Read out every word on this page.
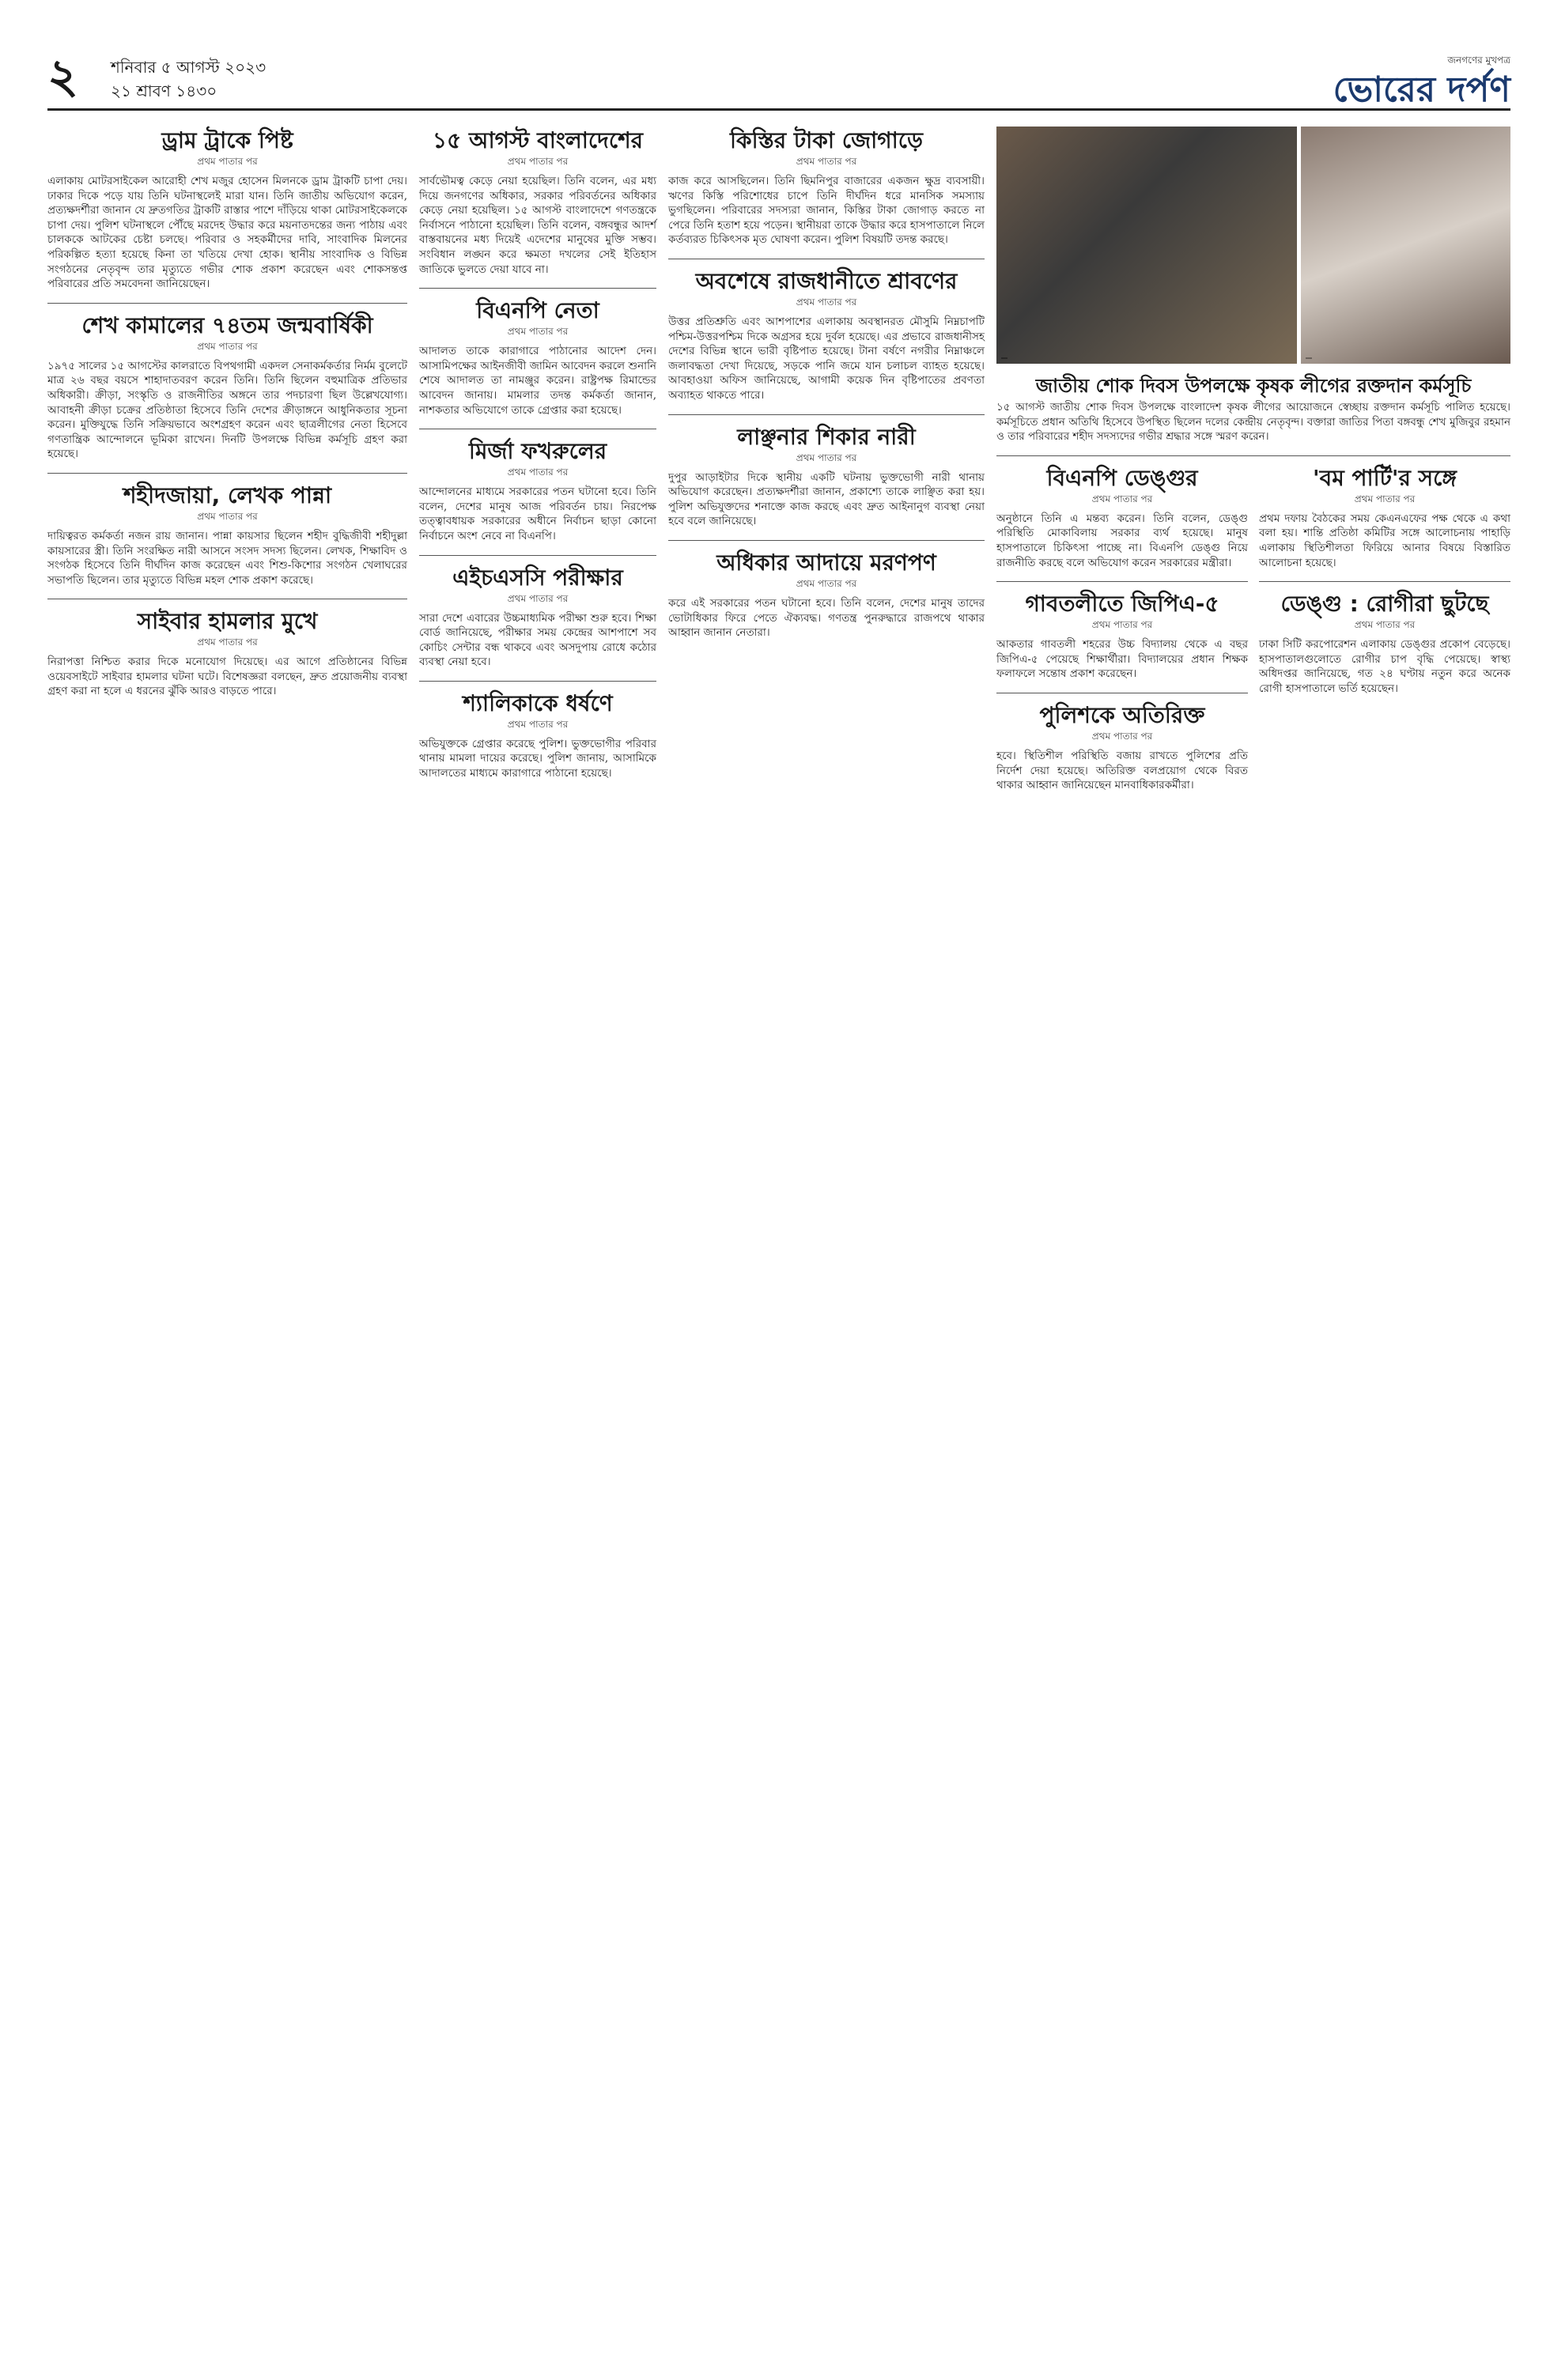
২ শনিবার ৫ আগস্ট ২০২৩
২১ শ্রাবণ ১৪৩০
জনগণের মুখপত্র
ভোরের দর্পণ
ড্রাম ট্রাকে পিষ্ট
প্রথম পাতার পর
এলাকায় মোটরসাইকেল আরোহী শেখ মজুর হোসেন মিলনকে ড্রাম ট্রাকটি চাপা দেয়। ঢাকার দিকে পড়ে যায় তিনি ঘটনাস্থলেই মারা যান। তিনি জাতীয় অভিযোগ করেন, প্রত্যক্ষদর্শীরা জানান যে দ্রুতগতির ট্রাকটি রাস্তার পাশে দাঁড়িয়ে থাকা মোটরসাইকেলকে চাপা দেয়। পুলিশ ঘটনাস্থলে পৌঁছে মরদেহ উদ্ধার করে ময়নাতদন্তের জন্য পাঠায় এবং চালককে আটকের চেষ্টা চলছে। পরিবার ও সহকর্মীদের দাবি, সাংবাদিক মিলনের পরিকল্পিত হত্যা হয়েছে কিনা তা খতিয়ে দেখা হোক। স্থানীয় সাংবাদিক ও বিভিন্ন সংগঠনের নেতৃবৃন্দ তার মৃত্যুতে গভীর শোক প্রকাশ করেছেন এবং শোকসন্তপ্ত পরিবারের প্রতি সমবেদনা জানিয়েছেন।
শেখ কামালের ৭৪তম জন্মবার্ষিকী
প্রথম পাতার পর
১৯৭৫ সালের ১৫ আগস্টের কালরাতে বিপথগামী একদল সেনাকর্মকর্তার নির্মম বুলেটে মাত্র ২৬ বছর বয়সে শাহাদাতবরণ করেন তিনি। তিনি ছিলেন বহুমাত্রিক প্রতিভার অধিকারী। ক্রীড়া, সংস্কৃতি ও রাজনীতির অঙ্গনে তার পদচারণা ছিল উল্লেখযোগ্য। আবাহনী ক্রীড়া চক্রের প্রতিষ্ঠাতা হিসেবে তিনি দেশের ক্রীড়াঙ্গনে আধুনিকতার সূচনা করেন। মুক্তিযুদ্ধে তিনি সক্রিয়ভাবে অংশগ্রহণ করেন এবং ছাত্রলীগের নেতা হিসেবে গণতান্ত্রিক আন্দোলনে ভূমিকা রাখেন। দিনটি উপলক্ষে বিভিন্ন কর্মসূচি গ্রহণ করা হয়েছে।
শহীদজায়া, লেখক পান্না
প্রথম পাতার পর
দায়িত্বরত কর্মকর্তা নজন রায় জানান। পান্না কায়সার ছিলেন শহীদ বুদ্ধিজীবী শহীদুল্লা কায়সারের স্ত্রী। তিনি সংরক্ষিত নারী আসনে সংসদ সদস্য ছিলেন। লেখক, শিক্ষাবিদ ও সংগঠক হিসেবে তিনি দীর্ঘদিন কাজ করেছেন এবং শিশু-কিশোর সংগঠন খেলাঘরের সভাপতি ছিলেন। তার মৃত্যুতে বিভিন্ন মহল শোক প্রকাশ করেছে।
সাইবার হামলার মুখে
প্রথম পাতার পর
নিরাপত্তা নিশ্চিত করার দিকে মনোযোগ দিয়েছে। এর আগে প্রতিষ্ঠানের বিভিন্ন ওয়েবসাইটে সাইবার হামলার ঘটনা ঘটে। বিশেষজ্ঞরা বলছেন, দ্রুত প্রয়োজনীয় ব্যবস্থা গ্রহণ করা না হলে এ ধরনের ঝুঁকি আরও বাড়তে পারে।
১৫ আগস্ট বাংলাদেশের
প্রথম পাতার পর
সার্বভৌমত্ব কেড়ে নেয়া হয়েছিল। তিনি বলেন, এর মধ্য দিয়ে জনগণের অধিকার, সরকার পরিবর্তনের অধিকার কেড়ে নেয়া হয়েছিল। ১৫ আগস্ট বাংলাদেশে গণতন্ত্রকে নির্বাসনে পাঠানো হয়েছিল। তিনি বলেন, বঙ্গবন্ধুর আদর্শ বাস্তবায়নের মধ্য দিয়েই এদেশের মানুষের মুক্তি সম্ভব। সংবিধান লঙ্ঘন করে ক্ষমতা দখলের সেই ইতিহাস জাতিকে ভুলতে দেয়া যাবে না।
বিএনপি নেতা
প্রথম পাতার পর
আদালত তাকে কারাগারে পাঠানোর আদেশ দেন। আসামিপক্ষের আইনজীবী জামিন আবেদন করলে শুনানি শেষে আদালত তা নামঞ্জুর করেন। রাষ্ট্রপক্ষ রিমান্ডের আবেদন জানায়। মামলার তদন্ত কর্মকর্তা জানান, নাশকতার অভিযোগে তাকে গ্রেপ্তার করা হয়েছে।
মির্জা ফখরুলের
প্রথম পাতার পর
আন্দোলনের মাধ্যমে সরকারের পতন ঘটানো হবে। তিনি বলেন, দেশের মানুষ আজ পরিবর্তন চায়। নিরপেক্ষ তত্ত্বাবধায়ক সরকারের অধীনে নির্বাচন ছাড়া কোনো নির্বাচনে অংশ নেবে না বিএনপি।
এইচএসসি পরীক্ষার
প্রথম পাতার পর
সারা দেশে এবারের উচ্চমাধ্যমিক পরীক্ষা শুরু হবে। শিক্ষা বোর্ড জানিয়েছে, পরীক্ষার সময় কেন্দ্রের আশপাশে সব কোচিং সেন্টার বন্ধ থাকবে এবং অসদুপায় রোধে কঠোর ব্যবস্থা নেয়া হবে।
শ্যালিকাকে ধর্ষণে
প্রথম পাতার পর
অভিযুক্তকে গ্রেপ্তার করেছে পুলিশ। ভুক্তভোগীর পরিবার থানায় মামলা দায়ের করেছে। পুলিশ জানায়, আসামিকে আদালতের মাধ্যমে কারাগারে পাঠানো হয়েছে।
কিস্তির টাকা জোগাড়ে
প্রথম পাতার পর
কাজ করে আসছিলেন। তিনি ছিমনিপুর বাজারের একজন ক্ষুদ্র ব্যবসায়ী। ঋণের কিস্তি পরিশোধের চাপে তিনি দীর্ঘদিন ধরে মানসিক সমস্যায় ভুগছিলেন। পরিবারের সদস্যরা জানান, কিস্তির টাকা জোগাড় করতে না পেরে তিনি হতাশ হয়ে পড়েন। স্থানীয়রা তাকে উদ্ধার করে হাসপাতালে নিলে কর্তব্যরত চিকিৎসক মৃত ঘোষণা করেন। পুলিশ বিষয়টি তদন্ত করছে।
অবশেষে রাজধানীতে শ্রাবণের
প্রথম পাতার পর
উত্তর প্রতিশ্রুতি এবং আশপাশের এলাকায় অবস্থানরত মৌসুমি নিম্নচাপটি পশ্চিম-উত্তরপশ্চিম দিকে অগ্রসর হয়ে দুর্বল হয়েছে। এর প্রভাবে রাজধানীসহ দেশের বিভিন্ন স্থানে ভারী বৃষ্টিপাত হয়েছে। টানা বর্ষণে নগরীর নিম্নাঞ্চলে জলাবদ্ধতা দেখা দিয়েছে, সড়কে পানি জমে যান চলাচল ব্যাহত হয়েছে। আবহাওয়া অফিস জানিয়েছে, আগামী কয়েক দিন বৃষ্টিপাতের প্রবণতা অব্যাহত থাকতে পারে।
লাঞ্ছনার শিকার নারী
প্রথম পাতার পর
দুপুর আড়াইটার দিকে স্থানীয় একটি ঘটনায় ভুক্তভোগী নারী থানায় অভিযোগ করেছেন। প্রত্যক্ষদর্শীরা জানান, প্রকাশ্যে তাকে লাঞ্ছিত করা হয়। পুলিশ অভিযুক্তদের শনাক্তে কাজ করছে এবং দ্রুত আইনানুগ ব্যবস্থা নেয়া হবে বলে জানিয়েছে।
অধিকার আদায়ে মরণপণ
প্রথম পাতার পর
করে এই সরকারের পতন ঘটানো হবে। তিনি বলেন, দেশের মানুষ তাদের ভোটাধিকার ফিরে পেতে ঐক্যবদ্ধ। গণতন্ত্র পুনরুদ্ধারে রাজপথে থাকার আহ্বান জানান নেতারা।
জাতীয় শোক দিবস উপলক্ষে কৃষক লীগের রক্তদান কর্মসূচি
১৫ আগস্ট জাতীয় শোক দিবস উপলক্ষে বাংলাদেশ কৃষক লীগের আয়োজনে স্বেচ্ছায় রক্তদান কর্মসূচি পালিত হয়েছে। কর্মসূচিতে প্রধান অতিথি হিসেবে উপস্থিত ছিলেন দলের কেন্দ্রীয় নেতৃবৃন্দ। বক্তারা জাতির পিতা বঙ্গবন্ধু শেখ মুজিবুর রহমান ও তার পরিবারের শহীদ সদস্যদের গভীর শ্রদ্ধার সঙ্গে স্মরণ করেন।
বিএনপি ডেঙ্গুর
প্রথম পাতার পর
অনুষ্ঠানে তিনি এ মন্তব্য করেন। তিনি বলেন, ডেঙ্গু পরিস্থিতি মোকাবিলায় সরকার ব্যর্থ হয়েছে। মানুষ হাসপাতালে চিকিৎসা পাচ্ছে না। বিএনপি ডেঙ্গু নিয়ে রাজনীতি করছে বলে অভিযোগ করেন সরকারের মন্ত্রীরা।
গাবতলীতে জিপিএ-৫
প্রথম পাতার পর
আকতার গাবতলী শহরের উচ্চ বিদ্যালয় থেকে এ বছর জিপিএ-৫ পেয়েছে শিক্ষার্থীরা। বিদ্যালয়ের প্রধান শিক্ষক ফলাফলে সন্তোষ প্রকাশ করেছেন।
পুলিশকে অতিরিক্ত
প্রথম পাতার পর
হবে। স্থিতিশীল পরিস্থিতি বজায় রাখতে পুলিশের প্রতি নির্দেশ দেয়া হয়েছে। অতিরিক্ত বলপ্রয়োগ থেকে বিরত থাকার আহ্বান জানিয়েছেন মানবাধিকারকর্মীরা।
'বম পার্টি'র সঙ্গে
প্রথম পাতার পর
প্রথম দফায় বৈঠকের সময় কেএনএফের পক্ষ থেকে এ কথা বলা হয়। শান্তি প্রতিষ্ঠা কমিটির সঙ্গে আলোচনায় পাহাড়ি এলাকায় স্থিতিশীলতা ফিরিয়ে আনার বিষয়ে বিস্তারিত আলোচনা হয়েছে।
ডেঙ্গু : রোগীরা ছুটছে
প্রথম পাতার পর
ঢাকা সিটি করপোরেশন এলাকায় ডেঙ্গুর প্রকোপ বেড়েছে। হাসপাতালগুলোতে রোগীর চাপ বৃদ্ধি পেয়েছে। স্বাস্থ্য অধিদপ্তর জানিয়েছে, গত ২৪ ঘণ্টায় নতুন করে অনেক রোগী হাসপাতালে ভর্তি হয়েছেন।
